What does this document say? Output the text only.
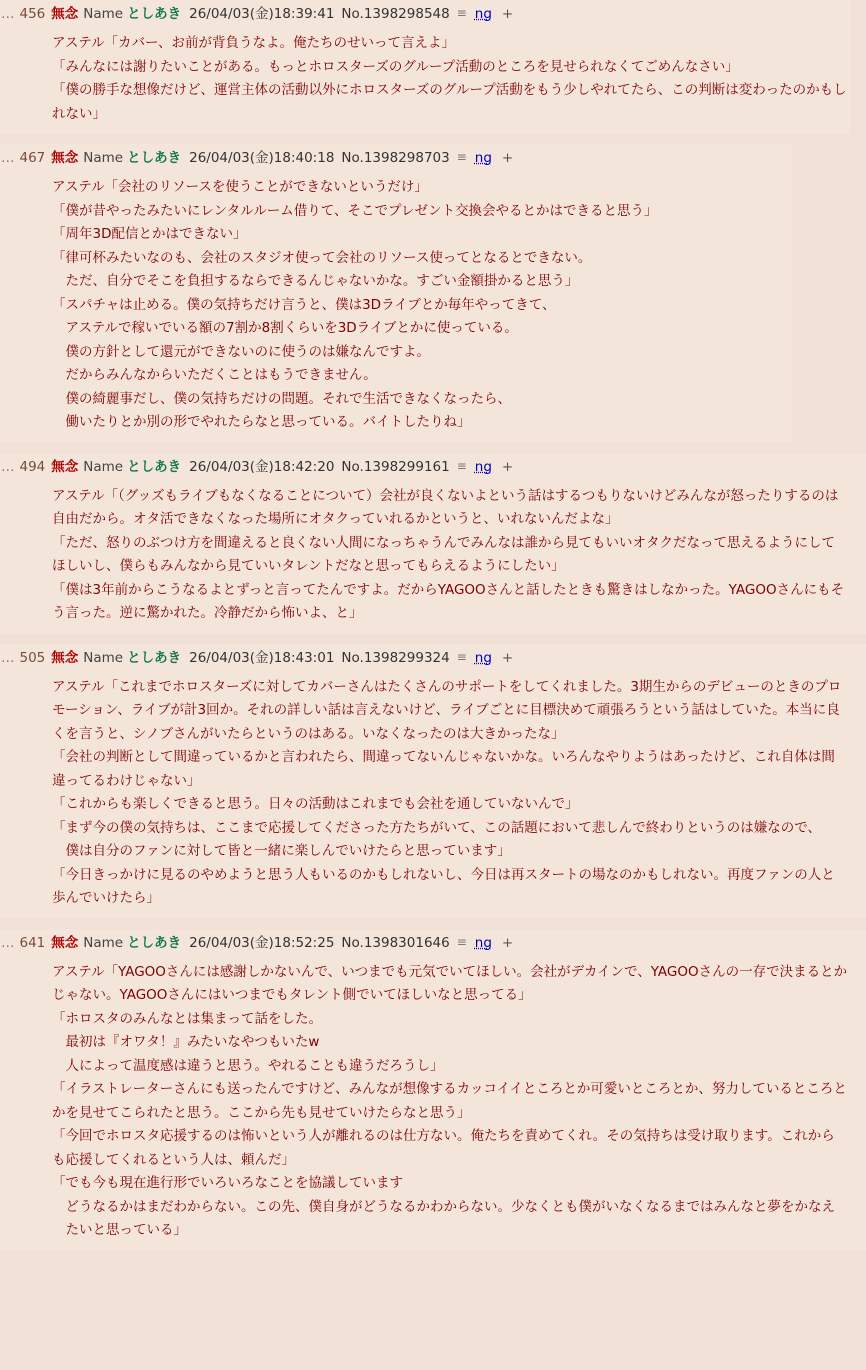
… 456 無念 Name としあき 26/04/03(金)18:39:41 No.1398298548 ≡ ng +

アステル「カバー、お前が背負うなよ。俺たちのせいって言えよ」

「みんなには謝りたいことがある。もっとホロスターズのグループ活動のところを見せられなくてごめんなさい」

「僕の勝手な想像だけど、運営主体の活動以外にホロスターズのグループ活動をもう少しやれてたら、この判断は変わったのかもしれない」

… 467 無念 Name としあき 26/04/03(金)18:40:18 No.1398298703 ≡ ng +

アステル「会社のリソースを使うことができないというだけ」

「僕が昔やったみたいにレンタルルーム借りて、そこでプレゼント交換会やるとかはできると思う」

「周年3D配信とかはできない」

「律可杯みたいなのも、会社のスタジオ使って会社のリソース使ってとなるとできない。

ただ、自分でそこを負担するならできるんじゃないかな。すごい金額掛かると思う」

「スパチャは止める。僕の気持ちだけ言うと、僕は3Dライブとか毎年やってきて、

アステルで稼いでいる額の7割か8割くらいを3Dライブとかに使っている。

僕の方針として還元ができないのに使うのは嫌なんですよ。

だからみんなからいただくことはもうできません。

僕の綺麗事だし、僕の気持ちだけの問題。それで生活できなくなったら、

働いたりとか別の形でやれたらなと思っている。バイトしたりね」

… 494 無念 Name としあき 26/04/03(金)18:42:20 No.1398299161 ≡ ng +

アステル「（グッズもライブもなくなることについて）会社が良くないよという話はするつもりないけどみんなが怒ったりするのは自由だから。オタ活できなくなった場所にオタクっていれるかというと、いれないんだよな」

「ただ、怒りのぶつけ方を間違えると良くない人間になっちゃうんでみんなは誰から見てもいいオタクだなって思えるようにしてほしいし、僕らもみんなから見ていいタレントだなと思ってもらえるようにしたい」

「僕は3年前からこうなるよとずっと言ってたんですよ。だからYAGOOさんと話したときも驚きはしなかった。YAGOOさんにもそう言った。逆に驚かれた。冷静だから怖いよ、と」

… 505 無念 Name としあき 26/04/03(金)18:43:01 No.1398299324 ≡ ng +

アステル「これまでホロスターズに対してカバーさんはたくさんのサポートをしてくれました。3期生からのデビューのときのプロモーション、ライブが計3回か。それの詳しい話は言えないけど、ライブごとに目標決めて頑張ろうという話はしていた。本当に良くを言うと、シノブさんがいたらというのはある。いなくなったのは大きかったな」

「会社の判断として間違っているかと言われたら、間違ってないんじゃないかな。いろんなやりようはあったけど、これ自体は間違ってるわけじゃない」

「これからも楽しくできると思う。日々の活動はこれまでも会社を通していないんで」

「まず今の僕の気持ちは、ここまで応援してくださった方たちがいて、この話題において悲しんで終わりというのは嫌なので、

僕は自分のファンに対して皆と一緒に楽しんでいけたらと思っています」

「今日きっかけに見るのやめようと思う人もいるのかもしれないし、今日は再スタートの場なのかもしれない。再度ファンの人と歩んでいけたら」

… 641 無念 Name としあき 26/04/03(金)18:52:25 No.1398301646 ≡ ng +

アステル「YAGOOさんには感謝しかないんで、いつまでも元気でいてほしい。会社がデカインで、YAGOOさんの一存で決まるとかじゃない。YAGOOさんにはいつまでもタレント側でいてほしいなと思ってる」

「ホロスタのみんなとは集まって話をした。

最初は『オワタ！』みたいなやつもいたw

人によって温度感は違うと思う。やれることも違うだろうし」

「イラストレーターさんにも送ったんですけど、みんなが想像するカッコイイところとか可愛いところとか、努力しているところとかを見せてこられたと思う。ここから先も見せていけたらなと思う」

「今回でホロスタ応援するのは怖いという人が離れるのは仕方ない。俺たちを責めてくれ。その気持ちは受け取ります。これからも応援してくれるという人は、頼んだ」

「でも今も現在進行形でいろいろなことを協議しています

どうなるかはまだわからない。この先、僕自身がどうなるかわからない。少なくとも僕がいなくなるまではみんなと夢をかなえたいと思っている」
